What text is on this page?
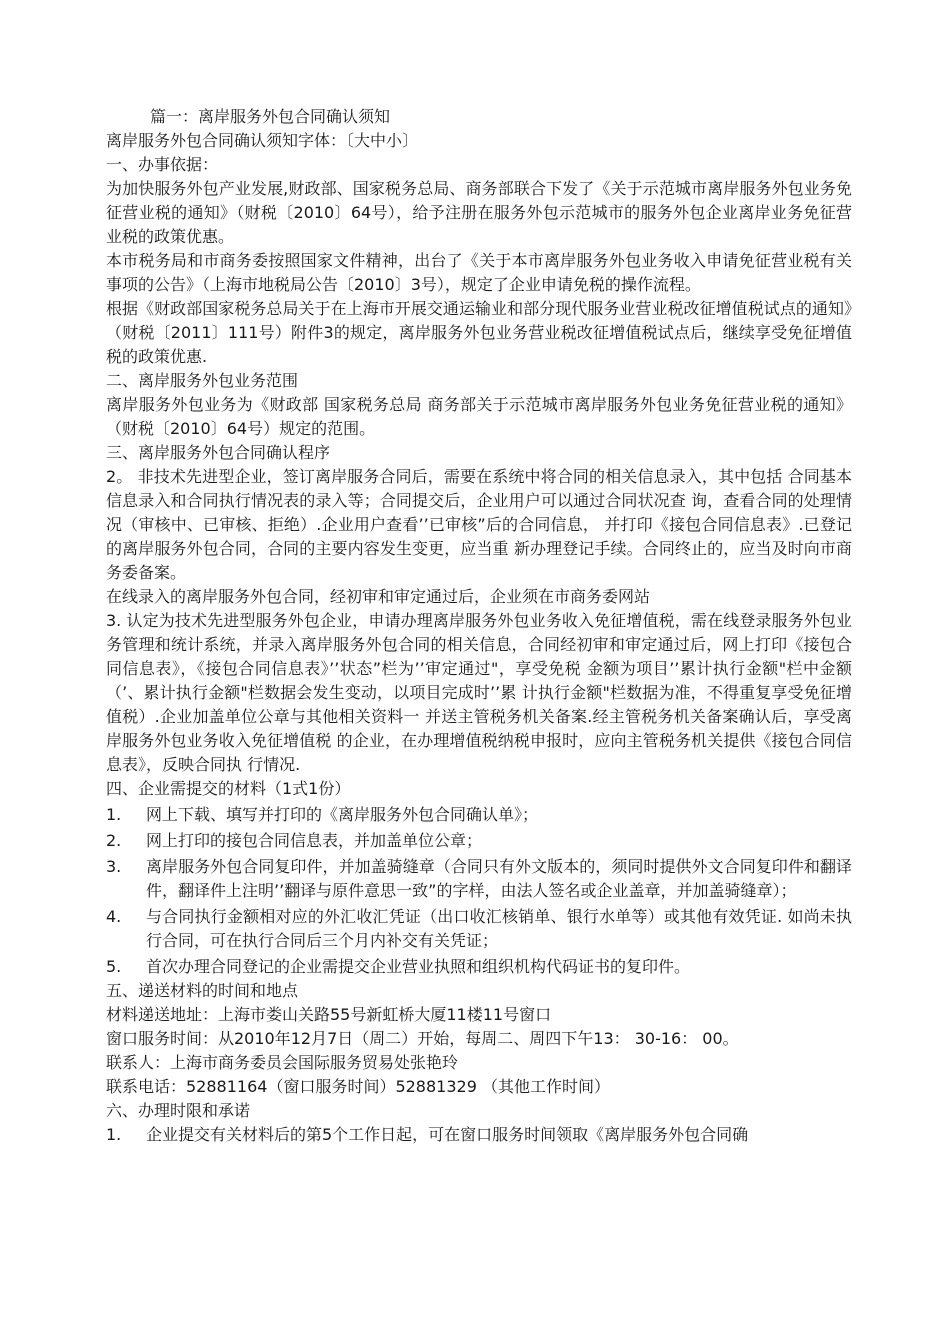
篇一：离岸服务外包合同确认须知
离岸服务外包合同确认须知字体：〔大中小〕
一、办事依据：
为加快服务外包产业发展,财政部、国家税务总局、商务部联合下发了《关于示范城市离岸服务外包业务免征营业税的通知》（财税〔2010〕64号），给予注册在服务外包示范城市的服务外包企业离岸业务免征营业税的政策优惠。
本市税务局和市商务委按照国家文件精神，出台了《关于本市离岸服务外包业务收入申请免征营业税有关事项的公告》（上海市地税局公告〔2010〕3号），规定了企业申请免税的操作流程。
根据《财政部国家税务总局关于在上海市开展交通运输业和部分现代服务业营业税改征增值税试点的通知》（财税〔2011〕111号）附件3的规定，离岸服务外包业务营业税改征增值税试点后，继续享受免征增值税的政策优惠.
二、离岸服务外包业务范围
离岸服务外包业务为《财政部 国家税务总局 商务部关于示范城市离岸服务外包业务免征营业税的通知》（财税〔2010〕64号）规定的范围。
三、离岸服务外包合同确认程序
2。 非技术先进型企业，签订离岸服务合同后，需要在系统中将合同的相关信息录入，其中包括 合同基本信息录入和合同执行情况表的录入等；合同提交后，企业用户可以通过合同状况查 询，查看合同的处理情况（审核中、已审核、拒绝）.企业用户查看’’已审核”后的合同信息， 并打印《接包合同信息表》.已登记的离岸服务外包合同，合同的主要内容发生变更，应当重 新办理登记手续。合同终止的，应当及时向市商务委备案。
在线录入的离岸服务外包合同，经初审和审定通过后，企业须在市商务委网站
3. 认定为技术先进型服务外包企业，申请办理离岸服务外包业务收入免征增值税，需在线登录服务外包业务管理和统计系统，并录入离岸服务外包合同的相关信息，合同经初审和审定通过后，网上打印《接包合同信息表》，《接包合同信息表》’’状态”栏为’’审定通过"，享受免税 金额为项目’’累计执行金额"栏中金额（’、累计执行金额"栏数据会发生变动，以项目完成时’’累 计执行金额"栏数据为准，不得重复享受免征增值税）.企业加盖单位公章与其他相关资料一 并送主管税务机关备案.经主管税务机关备案确认后，享受离岸服务外包业务收入免征增值税 的企业，在办理增值税纳税申报时，应向主管税务机关提供《接包合同信息表》，反映合同执 行情况.
四、企业需提交的材料（1式1份）
1.	网上下载、填写并打印的《离岸服务外包合同确认单》；
2.	网上打印的接包合同信息表，并加盖单位公章；
3.	离岸服务外包合同复印件，并加盖骑缝章（合同只有外文版本的，须同时提供外文合同复印件和翻译件，翻译件上注明’’翻译与原件意思一致”的字样，由法人签名或企业盖章，并加盖骑缝章）；
4.	与合同执行金额相对应的外汇收汇凭证（出口收汇核销单、银行水单等）或其他有效凭证. 如尚未执行合同，可在执行合同后三个月内补交有关凭证；
5.	首次办理合同登记的企业需提交企业营业执照和组织机构代码证书的复印件。
五、递送材料的时间和地点
材料递送地址：上海市娄山关路55号新虹桥大厦11楼11号窗口
窗口服务时间：从2010年12月7日（周二）开始，每周二、周四下午13： 30-16： 00。
联系人：上海市商务委员会国际服务贸易处张艳玲
联系电话：52881164（窗口服务时间）52881329 （其他工作时间）
六、办理时限和承诺
1.	企业提交有关材料后的第5个工作日起，可在窗口服务时间领取《离岸服务外包合同确
